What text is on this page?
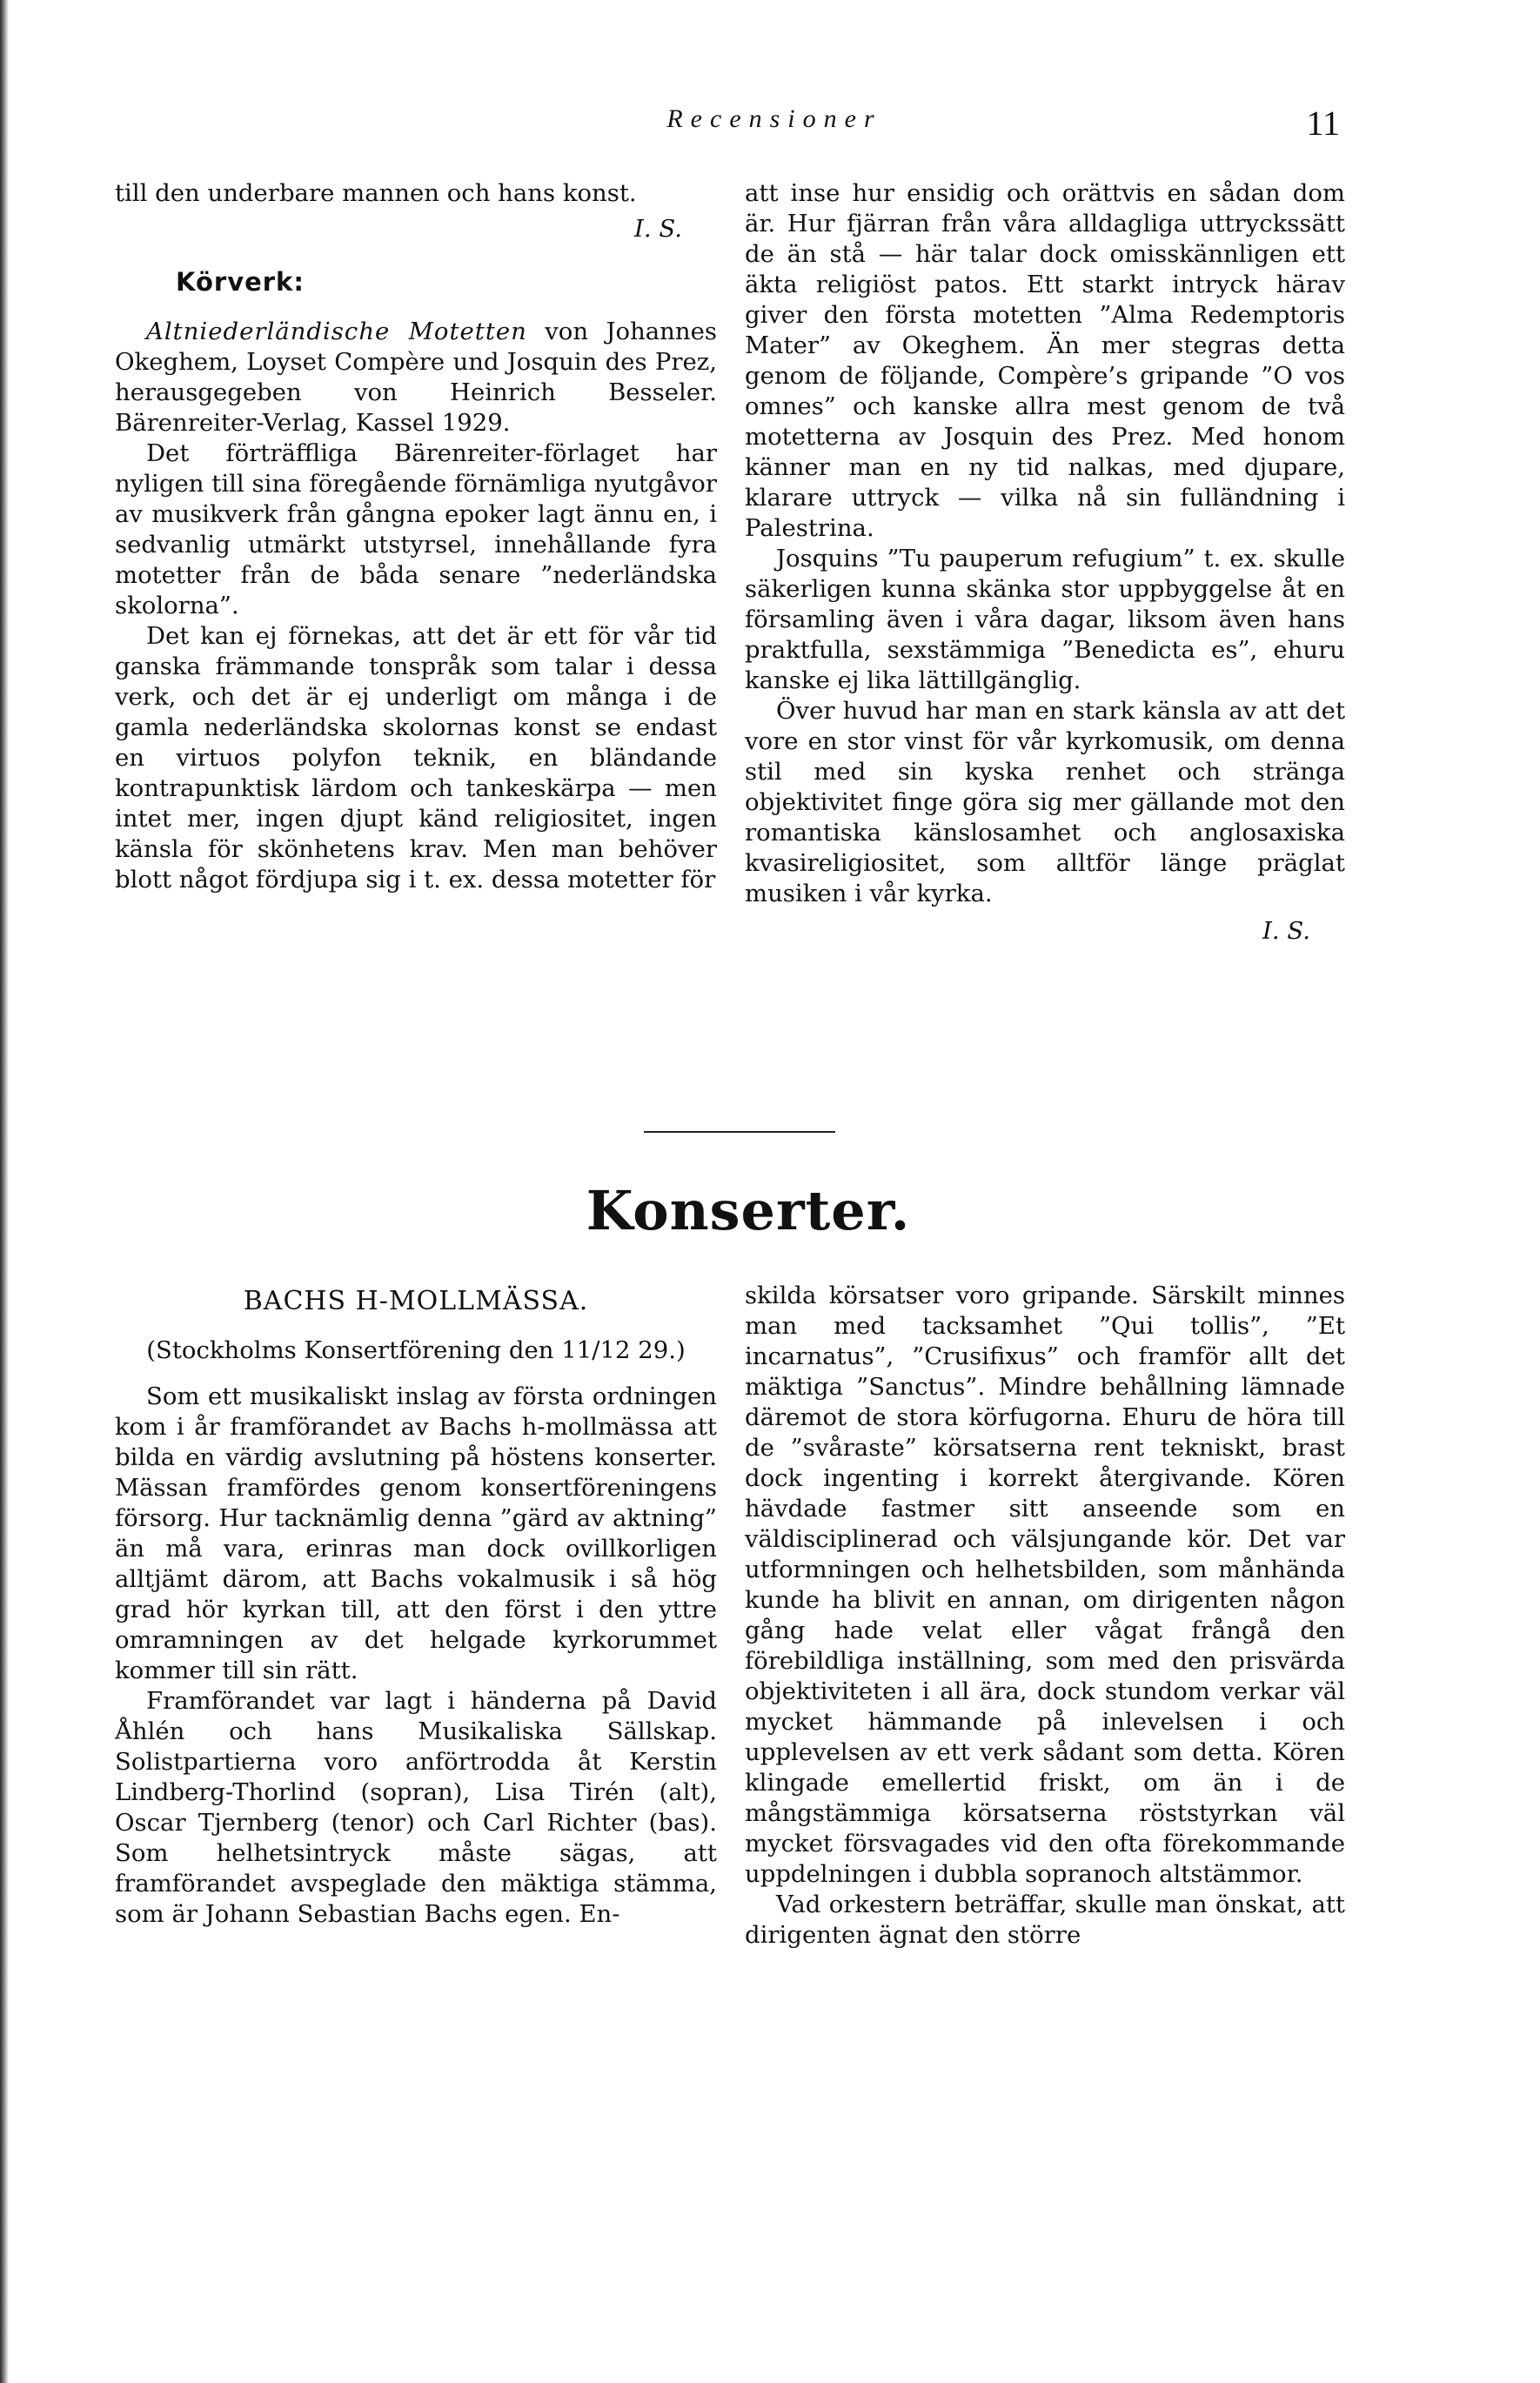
Recensioner	11

till den underbare mannen och hans konst.

I. S.
Körverk:

Altniederländische Motetten von Johannes Okeghem, Loyset Compère und Josquin des Prez, herausgegeben von Heinrich Besseler. Bärenreiter-Verlag, Kassel 1929.

Det förträffliga Bärenreiter-förlaget har nyligen till sina föregående förnämliga nyutgåvor av musikverk från gångna epoker lagt ännu en, i sedvanlig utmärkt utstyrsel, innehållande fyra motetter från de båda senare ”nederländska skolorna”.

Det kan ej förnekas, att det är ett för vår tid ganska främmande tonspråk som talar i dessa verk, och det är ej underligt om många i de gamla nederländska skolornas konst se endast en virtuos polyfon teknik, en bländande kontrapunktisk lärdom och tankeskärpa — men intet mer, ingen djupt känd religiositet, ingen känsla för skönhetens krav. Men man behöver blott något fördjupa sig i t. ex. dessa motetter för

att inse hur ensidig och orättvis en sådan dom är. Hur fjärran från våra alldagliga uttryckssätt de än stå — här talar dock omisskännligen ett äkta religiöst patos. Ett starkt intryck härav giver den första motetten ”Alma Redemptoris Mater” av Okeghem. Än mer stegras detta genom de följande, Compère’s gripande ”O vos omnes” och kanske allra mest genom de två motetterna av Josquin des Prez. Med honom känner man en ny tid nalkas, med djupare, klarare uttryck — vilka nå sin fulländning i Palestrina.

Josquins ”Tu pauperum refugium” t. ex. skulle säkerligen kunna skänka stor uppbyggelse åt en församling även i våra dagar, liksom även hans praktfulla, sexstämmiga ”Benedicta es”, ehuru kanske ej lika lättillgänglig.

Över huvud har man en stark känsla av att det vore en stor vinst för vår kyrkomusik, om denna stil med sin kyska renhet och stränga objektivitet finge göra sig mer gällande mot den romantiska känslosamhet och anglosaxiska kvasireligiositet, som alltför länge präglat musiken i vår kyrka.

I. S.
Konserter.
BACHS H-MOLLMÄSSA.
(Stockholms Konsertförening den 11/12 29.)

Som ett musikaliskt inslag av första ordningen kom i år framförandet av Bachs h-mollmässa att bilda en värdig avslutning på höstens konserter. Mässan framfördes genom konsertföreningens försorg. Hur tacknämlig denna ”gärd av aktning” än må vara, erinras man dock ovillkorligen alltjämt därom, att Bachs vokalmusik i så hög grad hör kyrkan till, att den först i den yttre omramningen av det helgade kyrkorummet kommer till sin rätt.

Framförandet var lagt i händerna på David Åhlén och hans Musikaliska Sällskap. Solistpartierna voro anförtrodda åt Kerstin Lindberg-Thorlind (sopran), Lisa Tirén (alt), Oscar Tjernberg (tenor) och Carl Richter (bas). Som helhetsintryck måste sägas, att framförandet avspeglade den mäktiga stämma, som är Johann Sebastian Bachs egen. En-

skilda körsatser voro gripande. Särskilt minnes man med tacksamhet ”Qui tollis”, ”Et incarnatus”, ”Crusifixus” och framför allt det mäktiga ”Sanctus”. Mindre behållning lämnade däremot de stora körfugorna. Ehuru de höra till de ”svåraste” körsatserna rent tekniskt, brast dock ingenting i korrekt återgivande. Kören hävdade fastmer sitt anseende som en väldisciplinerad och välsjungande kör. Det var utformningen och helhetsbilden, som månhända kunde ha blivit en annan, om dirigenten någon gång hade velat eller vågat frångå den förebildliga inställning, som med den prisvärda objektiviteten i all ära, dock stundom verkar väl mycket hämmande på inlevelsen i och upplevelsen av ett verk sådant som detta. Kören klingade emellertid friskt, om än i de mångstämmiga körsatserna röststyrkan väl mycket försvagades vid den ofta förekommande uppdelningen i dubbla sopranoch altstämmor.

Vad orkestern beträffar, skulle man önskat, att dirigenten ägnat den större
